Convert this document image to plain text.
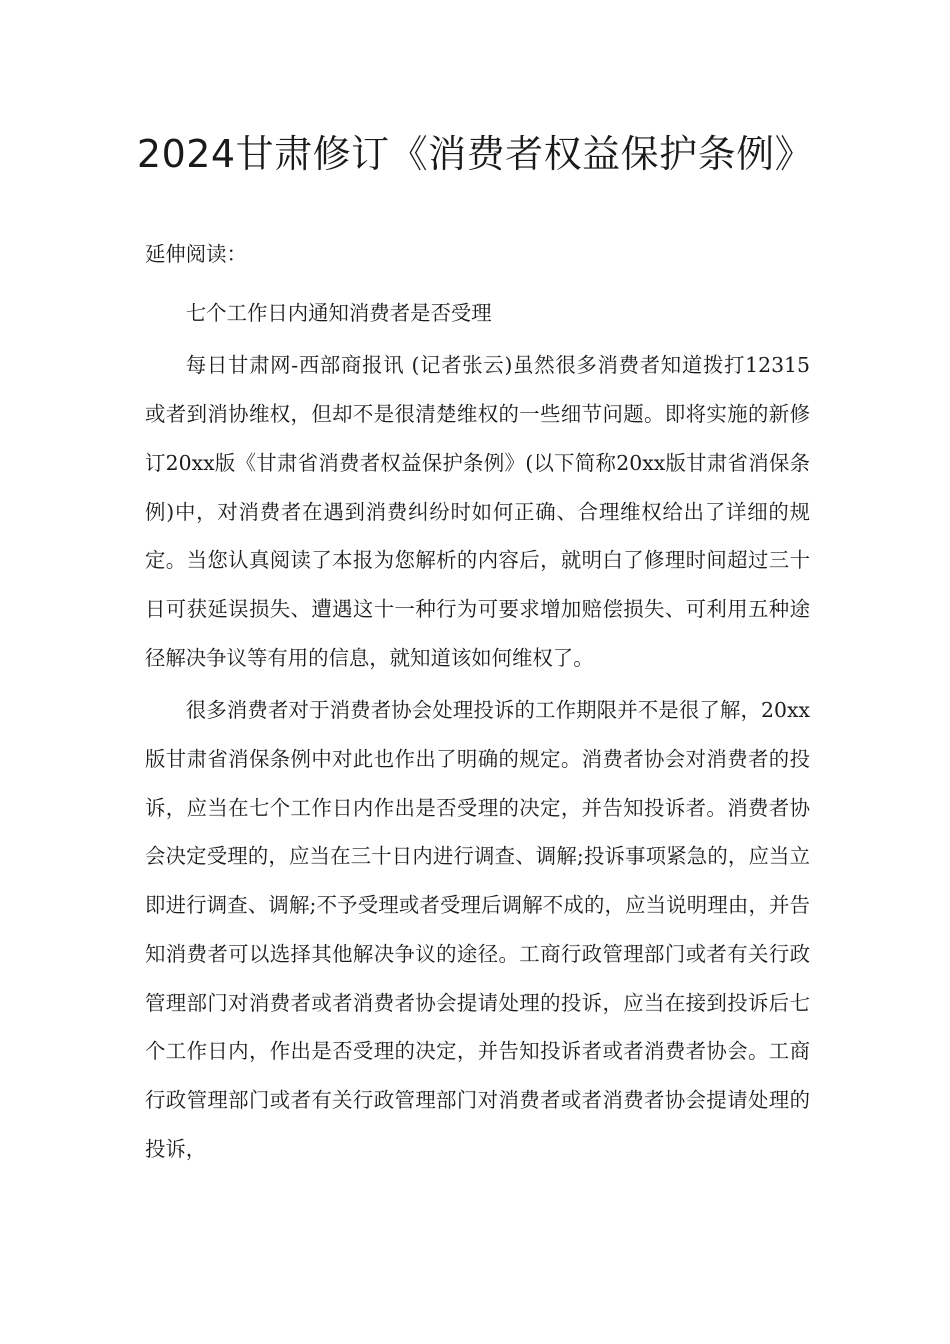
2024甘肃修订《消费者权益保护条例》

延伸阅读：

七个工作日内通知消费者是否受理

每日甘肃网-西部商报讯 (记者张云)虽然很多消费者知道拨打12315或者到消协维权，但却不是很清楚维权的一些细节问题。即将实施的新修订20xx版《甘肃省消费者权益保护条例》(以下简称20xx版甘肃省消保条例)中，对消费者在遇到消费纠纷时如何正确、合理维权给出了详细的规定。当您认真阅读了本报为您解析的内容后，就明白了修理时间超过三十日可获延误损失、遭遇这十一种行为可要求增加赔偿损失、可利用五种途径解决争议等有用的信息，就知道该如何维权了。

很多消费者对于消费者协会处理投诉的工作期限并不是很了解，20xx版甘肃省消保条例中对此也作出了明确的规定。消费者协会对消费者的投诉，应当在七个工作日内作出是否受理的决定，并告知投诉者。消费者协会决定受理的，应当在三十日内进行调查、调解;投诉事项紧急的，应当立即进行调查、调解;不予受理或者受理后调解不成的，应当说明理由，并告知消费者可以选择其他解决争议的途径。工商行政管理部门或者有关行政管理部门对消费者或者消费者协会提请处理的投诉，应当在接到投诉后七个工作日内，作出是否受理的决定，并告知投诉者或者消费者协会。工商行政管理部门或者有关行政管理部门对消费者或者消费者协会提请处理的投诉，
